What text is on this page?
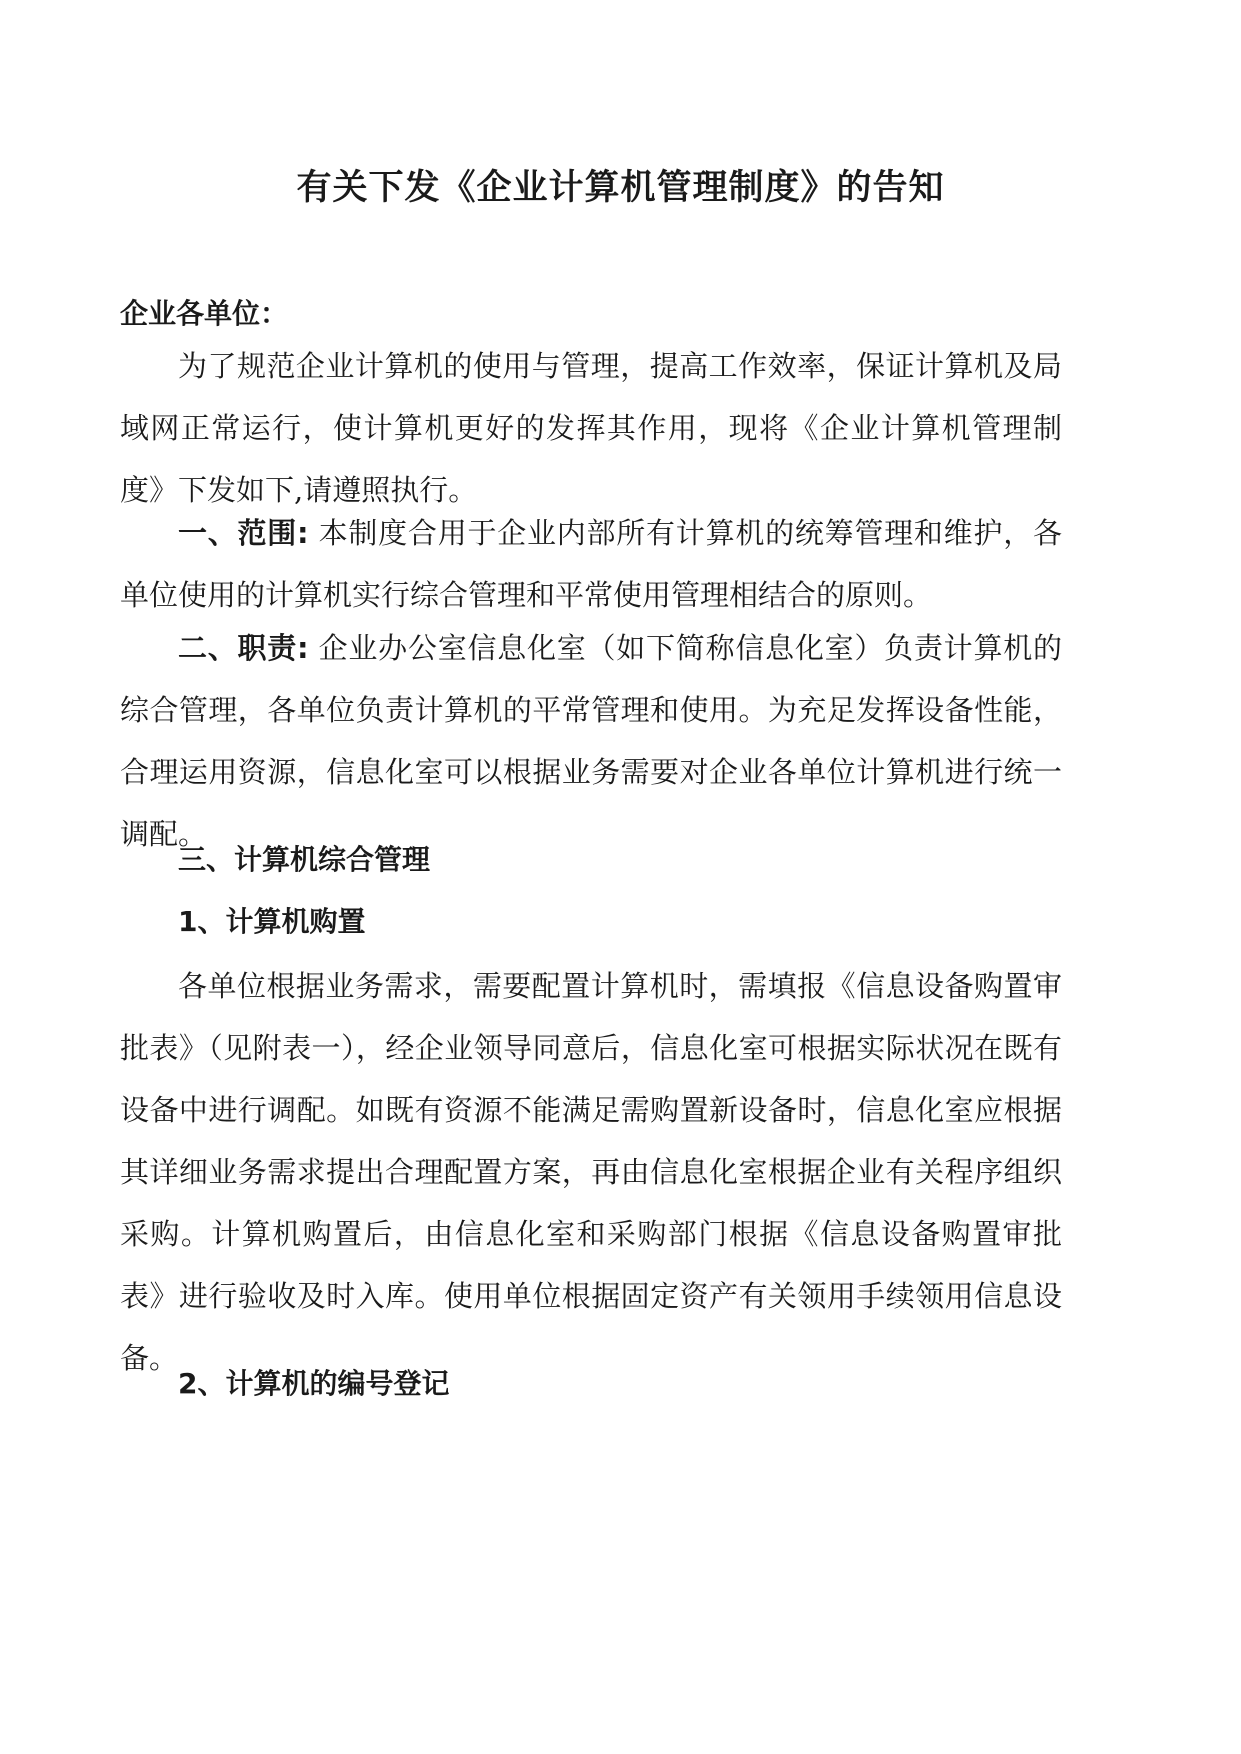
有关下发《企业计算机管理制度》的告知
企业各单位：

为了规范企业计算机的使用与管理，提高工作效率，保证计算机及局域网正常运行，使计算机更好的发挥其作用，现将《企业计算机管理制度》下发如下,请遵照执行。

一、范围: 本制度合用于企业内部所有计算机的统筹管理和维护，各单位使用的计算机实行综合管理和平常使用管理相结合的原则。

二、职责: 企业办公室信息化室（如下简称信息化室）负责计算机的综合管理，各单位负责计算机的平常管理和使用。为充足发挥设备性能，合理运用资源，信息化室可以根据业务需要对企业各单位计算机进行统一调配。

三、计算机综合管理
1、计算机购置

各单位根据业务需求，需要配置计算机时，需填报《信息设备购置审批表》（见附表一），经企业领导同意后，信息化室可根据实际状况在既有设备中进行调配。如既有资源不能满足需购置新设备时，信息化室应根据其详细业务需求提出合理配置方案，再由信息化室根据企业有关程序组织采购。计算机购置后，由信息化室和采购部门根据《信息设备购置审批表》进行验收及时入库。使用单位根据固定资产有关领用手续领用信息设备。

2、计算机的编号登记
